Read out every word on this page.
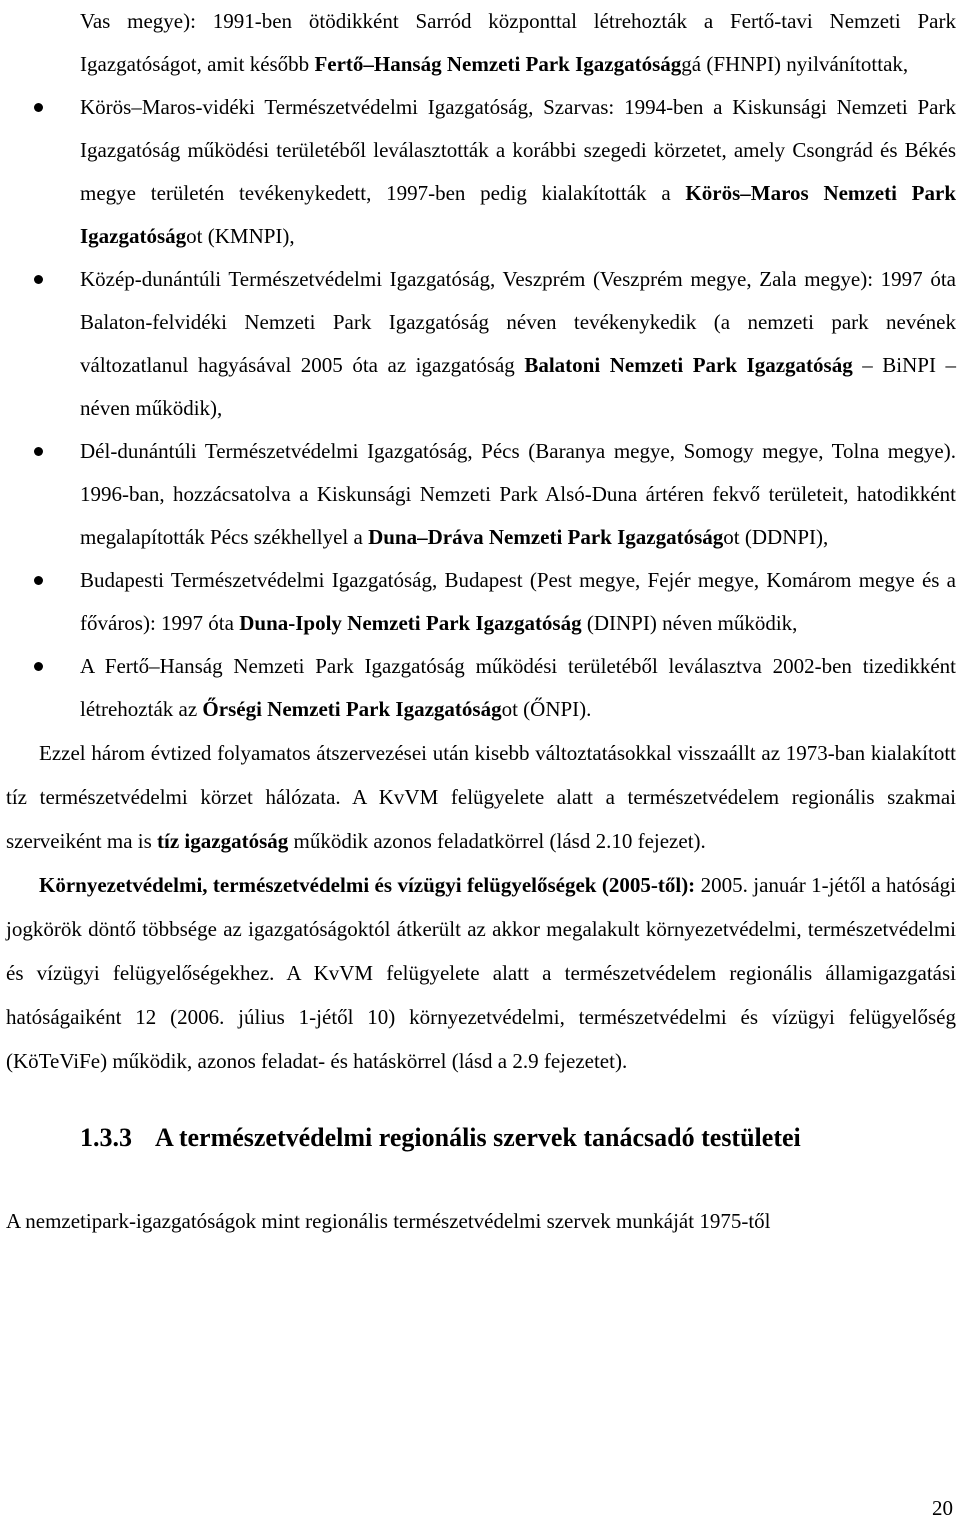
Vas megye): 1991-ben ötödikként Sarród központtal létrehozták a Fertő-tavi Nemzeti Park Igazgatóságot, amit később Fertő–Hanság Nemzeti Park Igazgatósággá (FHNPI) nyilvánítottak,
Körös–Maros-vidéki Természetvédelmi Igazgatóság, Szarvas: 1994-ben a Kiskunsági Nemzeti Park Igazgatóság működési területéből leválasztották a korábbi szegedi körzetet, amely Csongrád és Békés megye területén tevékenykedett, 1997-ben pedig kialakították a Körös–Maros Nemzeti Park Igazgatóságot (KMNPI),
Közép-dunántúli Természetvédelmi Igazgatóság, Veszprém (Veszprém megye, Zala megye): 1997 óta Balaton-felvidéki Nemzeti Park Igazgatóság néven tevékenykedik (a nemzeti park nevének változatlanul hagyásával 2005 óta az igazgatóság Balatoni Nemzeti Park Igazgatóság – BiNPI – néven működik),
Dél-dunántúli Természetvédelmi Igazgatóság, Pécs (Baranya megye, Somogy megye, Tolna megye). 1996-ban, hozzácsatolva a Kiskunsági Nemzeti Park Alsó-Duna ártéren fekvő területeit, hatodikként megalapították Pécs székhellyel a Duna–Dráva Nemzeti Park Igazgatóságot (DDNPI),
Budapesti Természetvédelmi Igazgatóság, Budapest (Pest megye, Fejér megye, Komárom megye és a főváros): 1997 óta Duna-Ipoly Nemzeti Park Igazgatóság (DINPI) néven működik,
A Fertő–Hanság Nemzeti Park Igazgatóság működési területéből leválasztva 2002-ben tizedikként létrehozták az Őrségi Nemzeti Park Igazgatóságot (ŐNPI).

Ezzel három évtized folyamatos átszervezései után kisebb változtatásokkal visszaállt az 1973-ban kialakított tíz természetvédelmi körzet hálózata. A KvVM felügyelete alatt a természetvédelem regionális szakmai szerveiként ma is tíz igazgatóság működik azonos feladatkörrel (lásd 2.10 fejezet).

Környezetvédelmi, természetvédelmi és vízügyi felügyelőségek (2005-től): 2005. január 1-jétől a hatósági jogkörök döntő többsége az igazgatóságoktól átkerült az akkor megalakult környezetvédelmi, természetvédelmi és vízügyi felügyelőségekhez. A KvVM felügyelete alatt a természetvédelem regionális államigazgatási hatóságaiként 12 (2006. július 1-jétől 10) környezetvédelmi, természetvédelmi és vízügyi felügyelőség (KöTeViFe) működik, azonos feladat- és hatáskörrel (lásd a 2.9 fejezetet).

1.3.3 A természetvédelmi regionális szervek tanácsadó testületei

A nemzetipark-igazgatóságok mint regionális természetvédelmi szervek munkáját 1975-től

20
